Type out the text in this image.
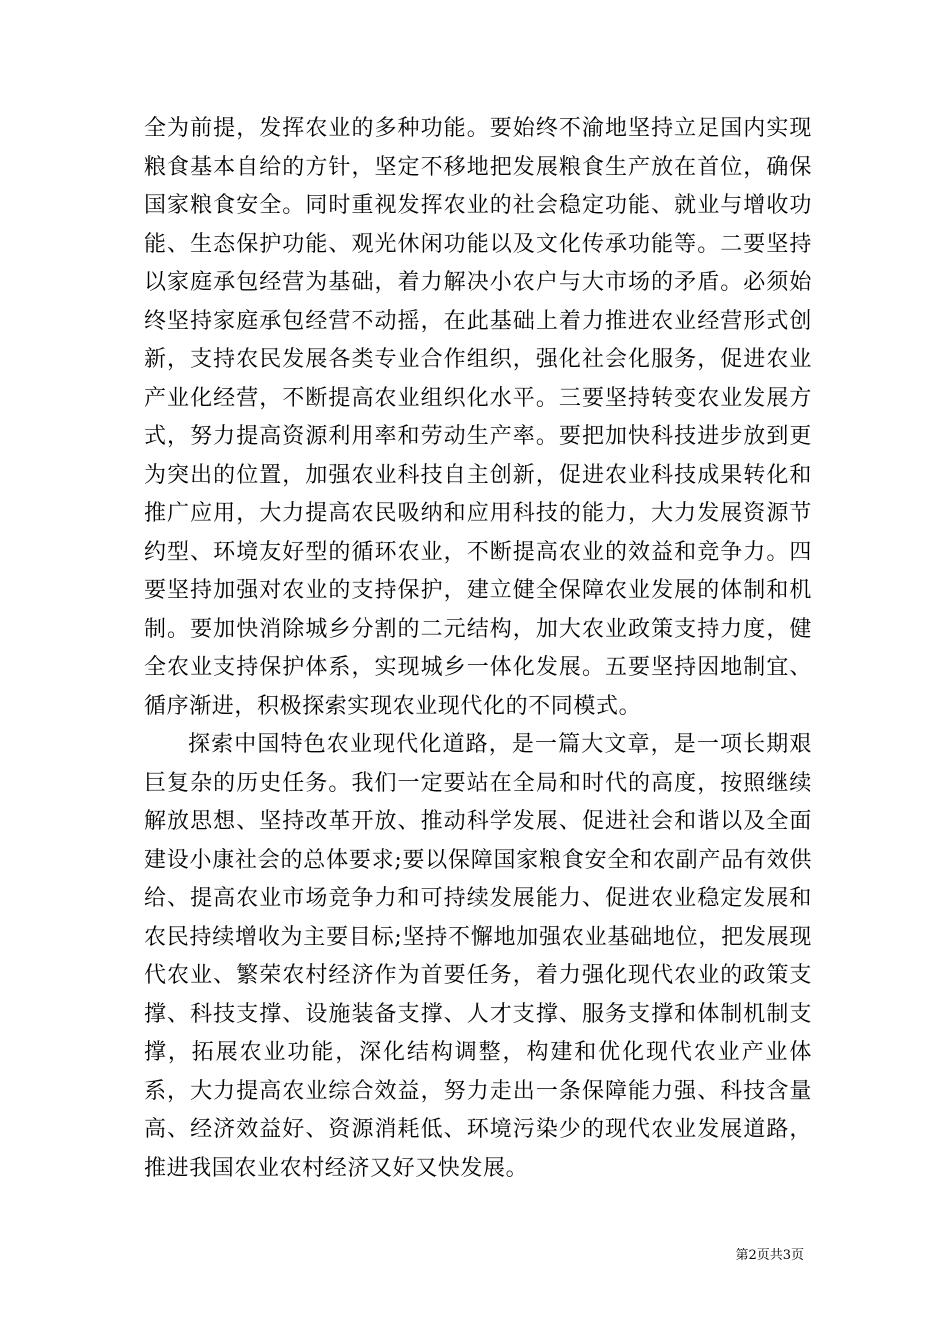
全为前提，发挥农业的多种功能。要始终不渝地坚持立足国内实现粮食基本自给的方针，坚定不移地把发展粮食生产放在首位，确保国家粮食安全。同时重视发挥农业的社会稳定功能、就业与增收功能、生态保护功能、观光休闲功能以及文化传承功能等。二要坚持以家庭承包经营为基础，着力解决小农户与大市场的矛盾。必须始终坚持家庭承包经营不动摇，在此基础上着力推进农业经营形式创新，支持农民发展各类专业合作组织，强化社会化服务，促进农业产业化经营，不断提高农业组织化水平。三要坚持转变农业发展方式，努力提高资源利用率和劳动生产率。要把加快科技进步放到更为突出的位置，加强农业科技自主创新，促进农业科技成果转化和推广应用，大力提高农民吸纳和应用科技的能力，大力发展资源节约型、环境友好型的循环农业，不断提高农业的效益和竞争力。四要坚持加强对农业的支持保护，建立健全保障农业发展的体制和机制。要加快消除城乡分割的二元结构，加大农业政策支持力度，健全农业支持保护体系，实现城乡一体化发展。五要坚持因地制宜、循序渐进，积极探索实现农业现代化的不同模式。

探索中国特色农业现代化道路，是一篇大文章，是一项长期艰巨复杂的历史任务。我们一定要站在全局和时代的高度，按照继续解放思想、坚持改革开放、推动科学发展、促进社会和谐以及全面建设小康社会的总体要求;要以保障国家粮食安全和农副产品有效供给、提高农业市场竞争力和可持续发展能力、促进农业稳定发展和农民持续增收为主要目标;坚持不懈地加强农业基础地位，把发展现代农业、繁荣农村经济作为首要任务，着力强化现代农业的政策支撑、科技支撑、设施装备支撑、人才支撑、服务支撑和体制机制支撑，拓展农业功能，深化结构调整，构建和优化现代农业产业体系，大力提高农业综合效益，努力走出一条保障能力强、科技含量高、经济效益好、资源消耗低、环境污染少的现代农业发展道路，推进我国农业农村经济又好又快发展。

第2页共3页
